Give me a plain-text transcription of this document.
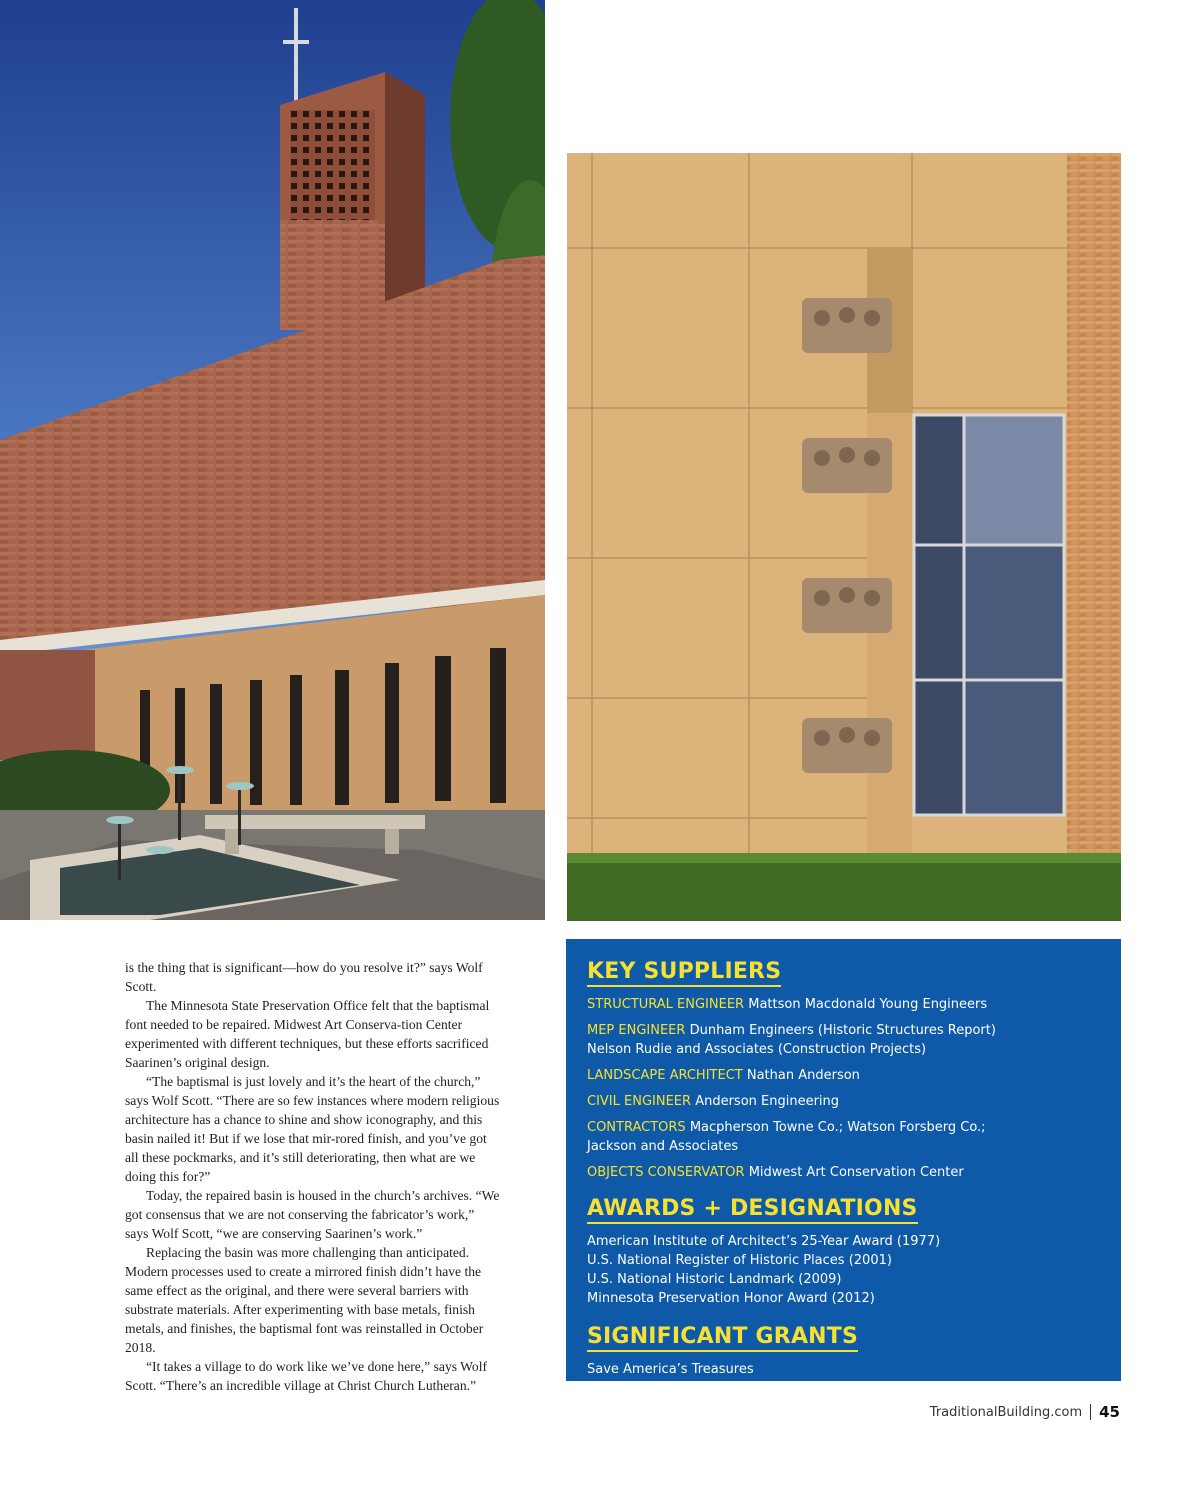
is the thing that is significant—how do you resolve it?” says Wolf Scott.

The Minnesota State Preservation Office felt that the baptismal font needed to be repaired. Midwest Art Conserva-tion Center experimented with different techniques, but these efforts sacrificed Saarinen’s original design.

“The baptismal is just lovely and it’s the heart of the church,” says Wolf Scott. “There are so few instances where modern religious architecture has a chance to shine and show iconography, and this basin nailed it! But if we lose that mir-rored finish, and you’ve got all these pockmarks, and it’s still deteriorating, then what are we doing this for?”

Today, the repaired basin is housed in the church’s archives. “We got consensus that we are not conserving the fabricator’s work,” says Wolf Scott, “we are conserving Saarinen’s work.”

Replacing the basin was more challenging than anticipated. Modern processes used to create a mirrored finish didn’t have the same effect as the original, and there were several barriers with substrate materials. After experimenting with base metals, finish metals, and finishes, the baptismal font was reinstalled in October 2018.

“It takes a village to do work like we’ve done here,” says Wolf Scott. “There’s an incredible village at Christ Church Lutheran.”

KEY SUPPLIERS
STRUCTURAL ENGINEER Mattson Macdonald Young Engineers
MEP ENGINEER Dunham Engineers (Historic Structures Report)
Nelson Rudie and Associates (Construction Projects)
LANDSCAPE ARCHITECT Nathan Anderson
CIVIL ENGINEER Anderson Engineering
CONTRACTORS Macpherson Towne Co.; Watson Forsberg Co.;
Jackson and Associates
OBJECTS CONSERVATOR Midwest Art Conservation Center
AWARDS + DESIGNATIONS
American Institute of Architect’s 25-Year Award (1977)
U.S. National Register of Historic Places (2001)
U.S. National Historic Landmark (2009)
Minnesota Preservation Honor Award (2012)
SIGNIFICANT GRANTS
Save America’s Treasures
Minnesota Historical and Cultural Heritage Legacy Grant
TraditionalBuilding.com 45
